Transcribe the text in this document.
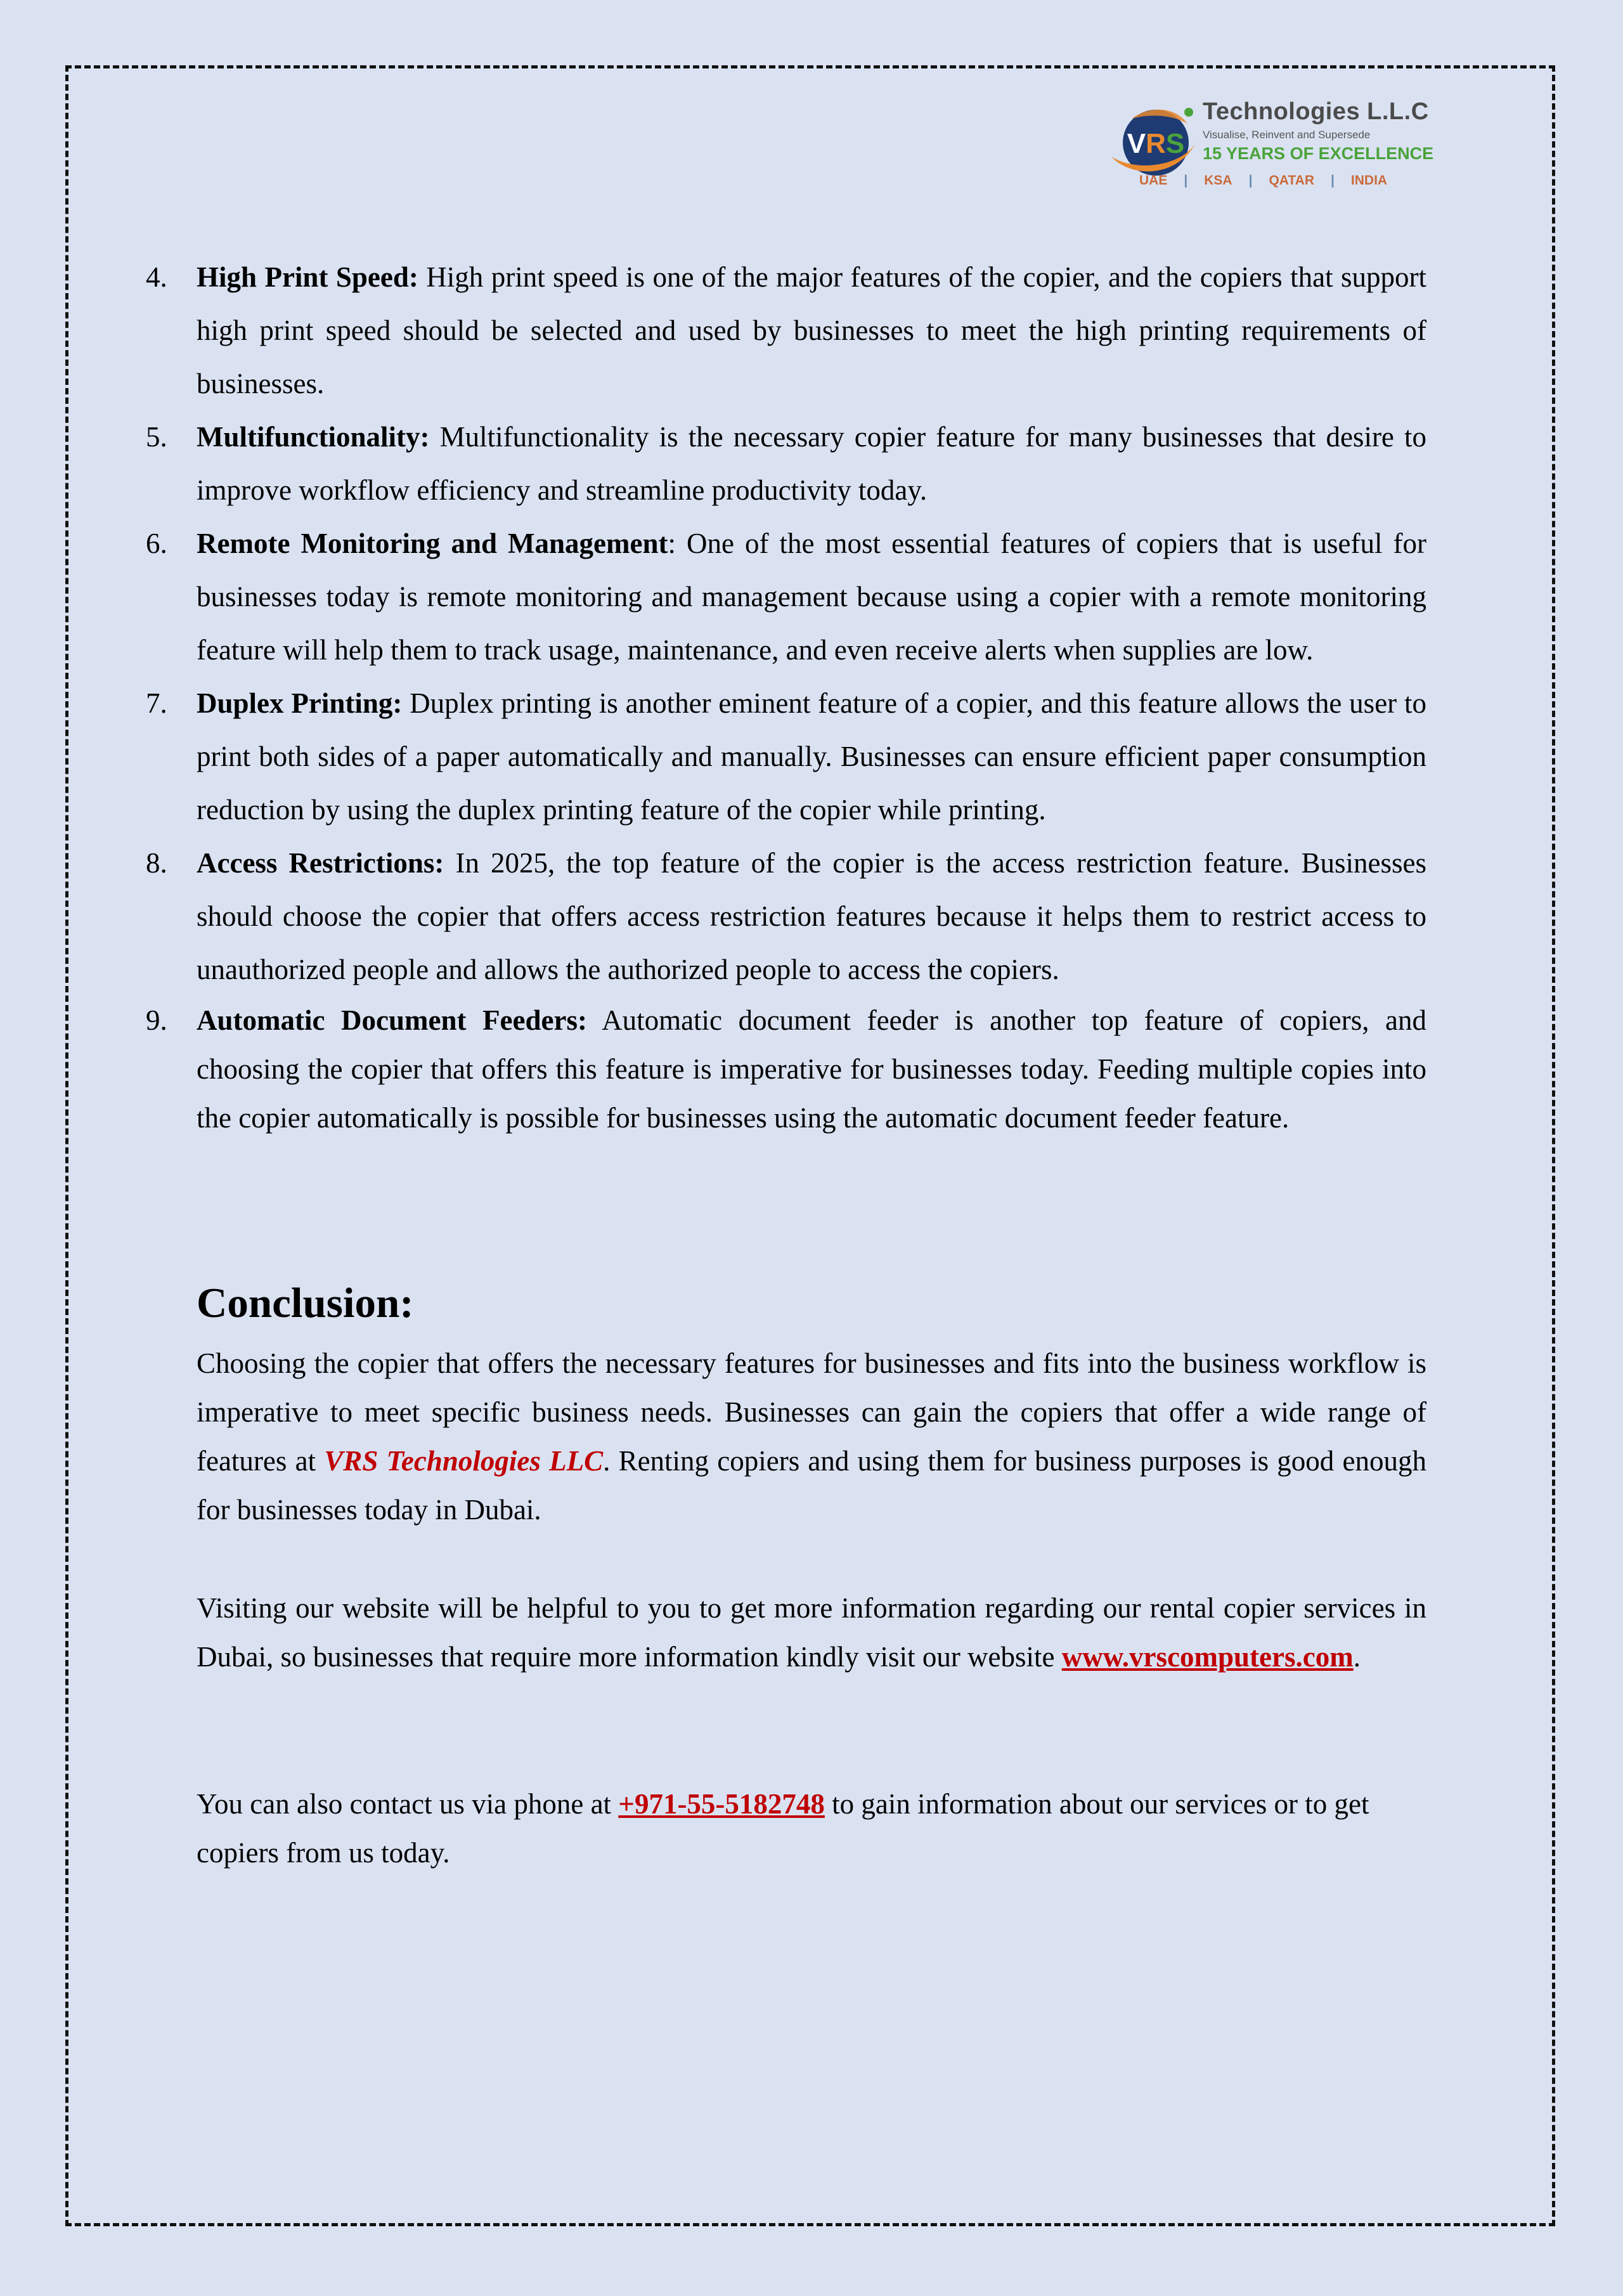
VRS
Technologies L.L.C
Visualise, Reinvent and Supersede
15 YEARS OF EXCELLENCE
UAE | KSA | QATAR | INDIA
4. High Print Speed: High print speed is one of the major features of the copier, and the copiers that support high print speed should be selected and used by businesses to meet the high printing requirements of businesses.
5. Multifunctionality: Multifunctionality is the necessary copier feature for many businesses that desire to improve workflow efficiency and streamline productivity today.
6. Remote Monitoring and Management: One of the most essential features of copiers that is useful for businesses today is remote monitoring and management because using a copier with a remote monitoring feature will help them to track usage, maintenance, and even receive alerts when supplies are low.
7. Duplex Printing: Duplex printing is another eminent feature of a copier, and this feature allows the user to print both sides of a paper automatically and manually. Businesses can ensure efficient paper consumption reduction by using the duplex printing feature of the copier while printing.
8. Access Restrictions: In 2025, the top feature of the copier is the access restriction feature. Businesses should choose the copier that offers access restriction features because it helps them to restrict access to unauthorized people and allows the authorized people to access the copiers.
9. Automatic Document Feeders: Automatic document feeder is another top feature of copiers, and choosing the copier that offers this feature is imperative for businesses today. Feeding multiple copies into the copier automatically is possible for businesses using the automatic document feeder feature.
Conclusion:

Choosing the copier that offers the necessary features for businesses and fits into the business workflow is imperative to meet specific business needs. Businesses can gain the copiers that offer a wide range of features at VRS Technologies LLC. Renting copiers and using them for business purposes is good enough for businesses today in Dubai.

Visiting our website will be helpful to you to get more information regarding our rental copier services in Dubai, so businesses that require more information kindly visit our website www.vrscomputers.com.

You can also contact us via phone at +971-55-5182748 to gain information about our services or to get copiers from us today.
